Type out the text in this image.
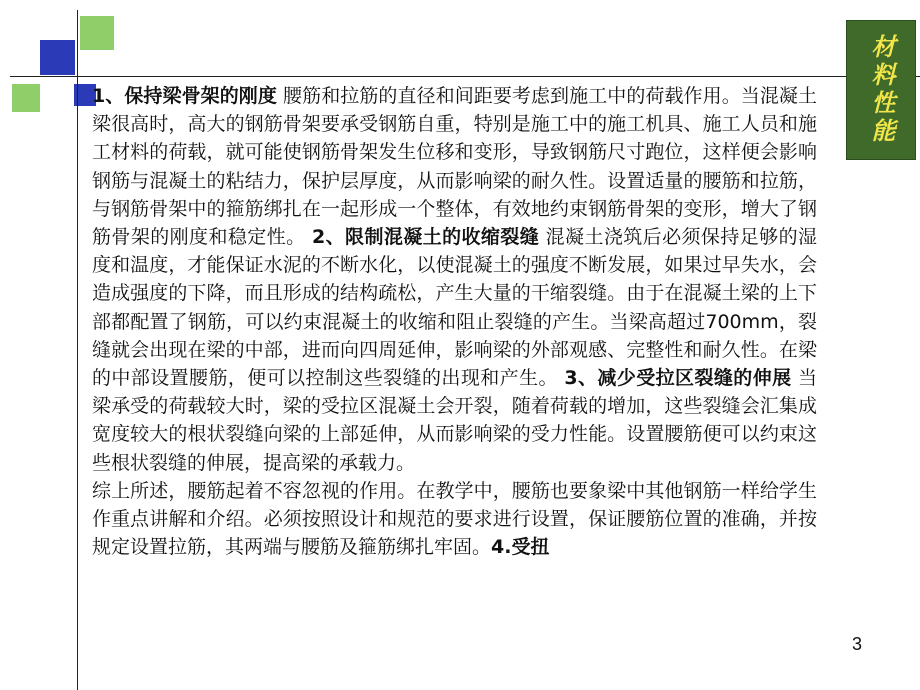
材料性能

1、保持梁骨架的刚度 腰筋和拉筋的直径和间距要考虑到施工中的荷载作用。当混凝土梁很高时，高大的钢筋骨架要承受钢筋自重，特别是施工中的施工机具、施工人员和施工材料的荷载，就可能使钢筋骨架发生位移和变形，导致钢筋尺寸跑位，这样便会影响钢筋与混凝土的粘结力，保护层厚度，从而影响梁的耐久性。设置适量的腰筋和拉筋，与钢筋骨架中的箍筋绑扎在一起形成一个整体，有效地约束钢筋骨架的变形，增大了钢筋骨架的刚度和稳定性。 2、限制混凝土的收缩裂缝 混凝土浇筑后必须保持足够的湿度和温度，才能保证水泥的不断水化，以使混凝土的强度不断发展，如果过早失水，会造成强度的下降，而且形成的结构疏松，产生大量的干缩裂缝。由于在混凝土梁的上下部都配置了钢筋，可以约束混凝土的收缩和阻止裂缝的产生。当梁高超过700mm，裂缝就会出现在梁的中部，进而向四周延伸，影响梁的外部观感、完整性和耐久性。在梁的中部设置腰筋，便可以控制这些裂缝的出现和产生。 3、减少受拉区裂缝的伸展 当梁承受的荷载较大时，梁的受拉区混凝土会开裂，随着荷载的增加，这些裂缝会汇集成宽度较大的根状裂缝向梁的上部延伸，从而影响梁的受力性能。设置腰筋便可以约束这些根状裂缝的伸展，提高梁的承载力。

综上所述，腰筋起着不容忽视的作用。在教学中，腰筋也要象梁中其他钢筋一样给学生作重点讲解和介绍。必须按照设计和规范的要求进行设置，保证腰筋位置的准确，并按规定设置拉筋，其两端与腰筋及箍筋绑扎牢固。4.受扭

3
